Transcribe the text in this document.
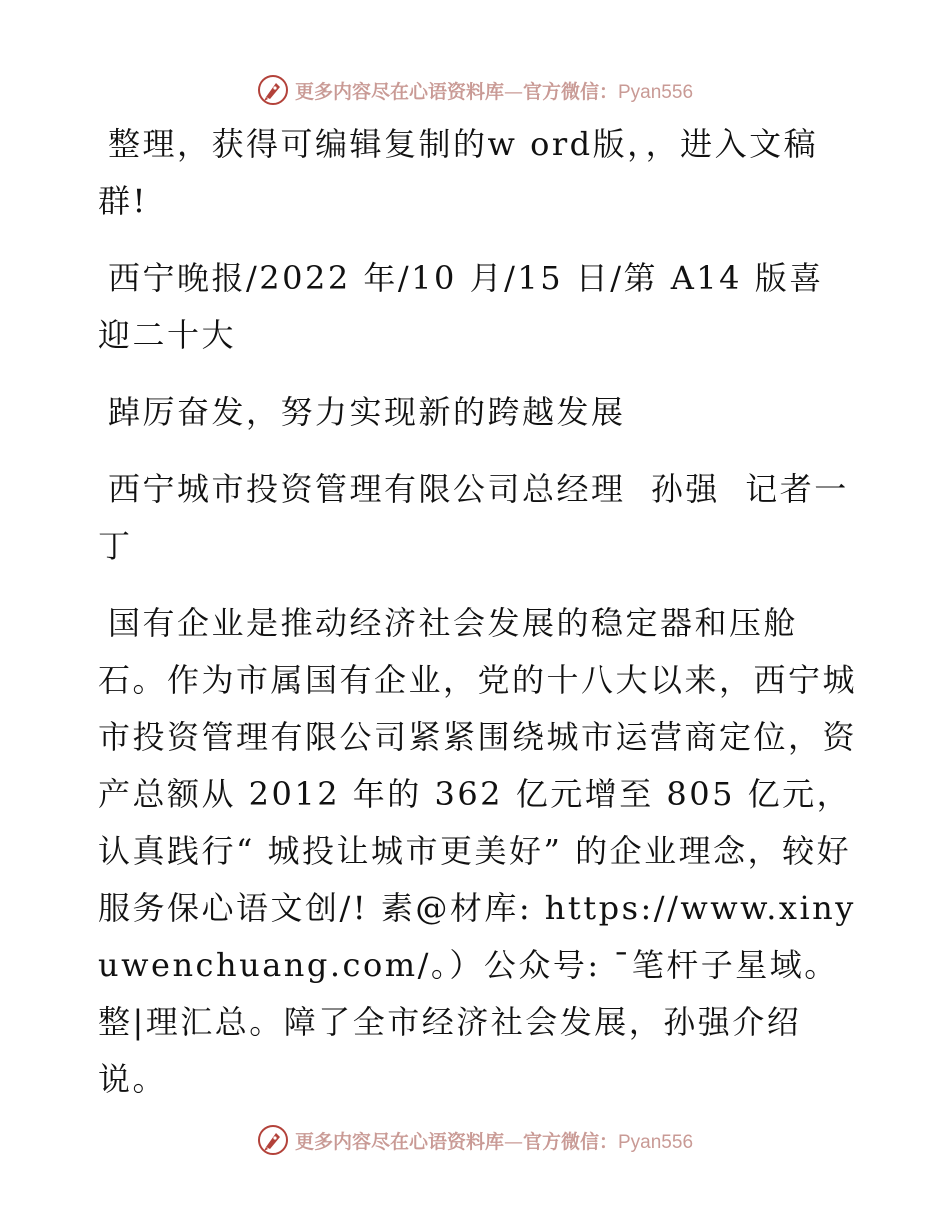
更多内容尽在心语资料库—官方微信：Pyan556

整理，获得可编辑复制的w ord版，，进入文稿群!

西宁晚报/2022 年/10 月/15 日/第 A14 版喜迎二十大

踔厉奋发，努力实现新的跨越发展

西宁城市投资管理有限公司总经理  孙强  记者一丁

国有企业是推动经济社会发展的稳定器和压舱石。作为市属国有企业，党的十八大以来，西宁城市投资管理有限公司紧紧围绕城市运营商定位，资产总额从 2012 年的 362 亿元增至 805 亿元，认真践行“ 城投让城市更美好” 的企业理念，较好服务保心语文创/! 素@材库: https://www.xinyuwenchuang.com/。）公众号: ¯笔杆子星域。整|理汇总。障了全市经济社会发展，孙强介绍说。

更多内容尽在心语资料库—官方微信：Pyan556
